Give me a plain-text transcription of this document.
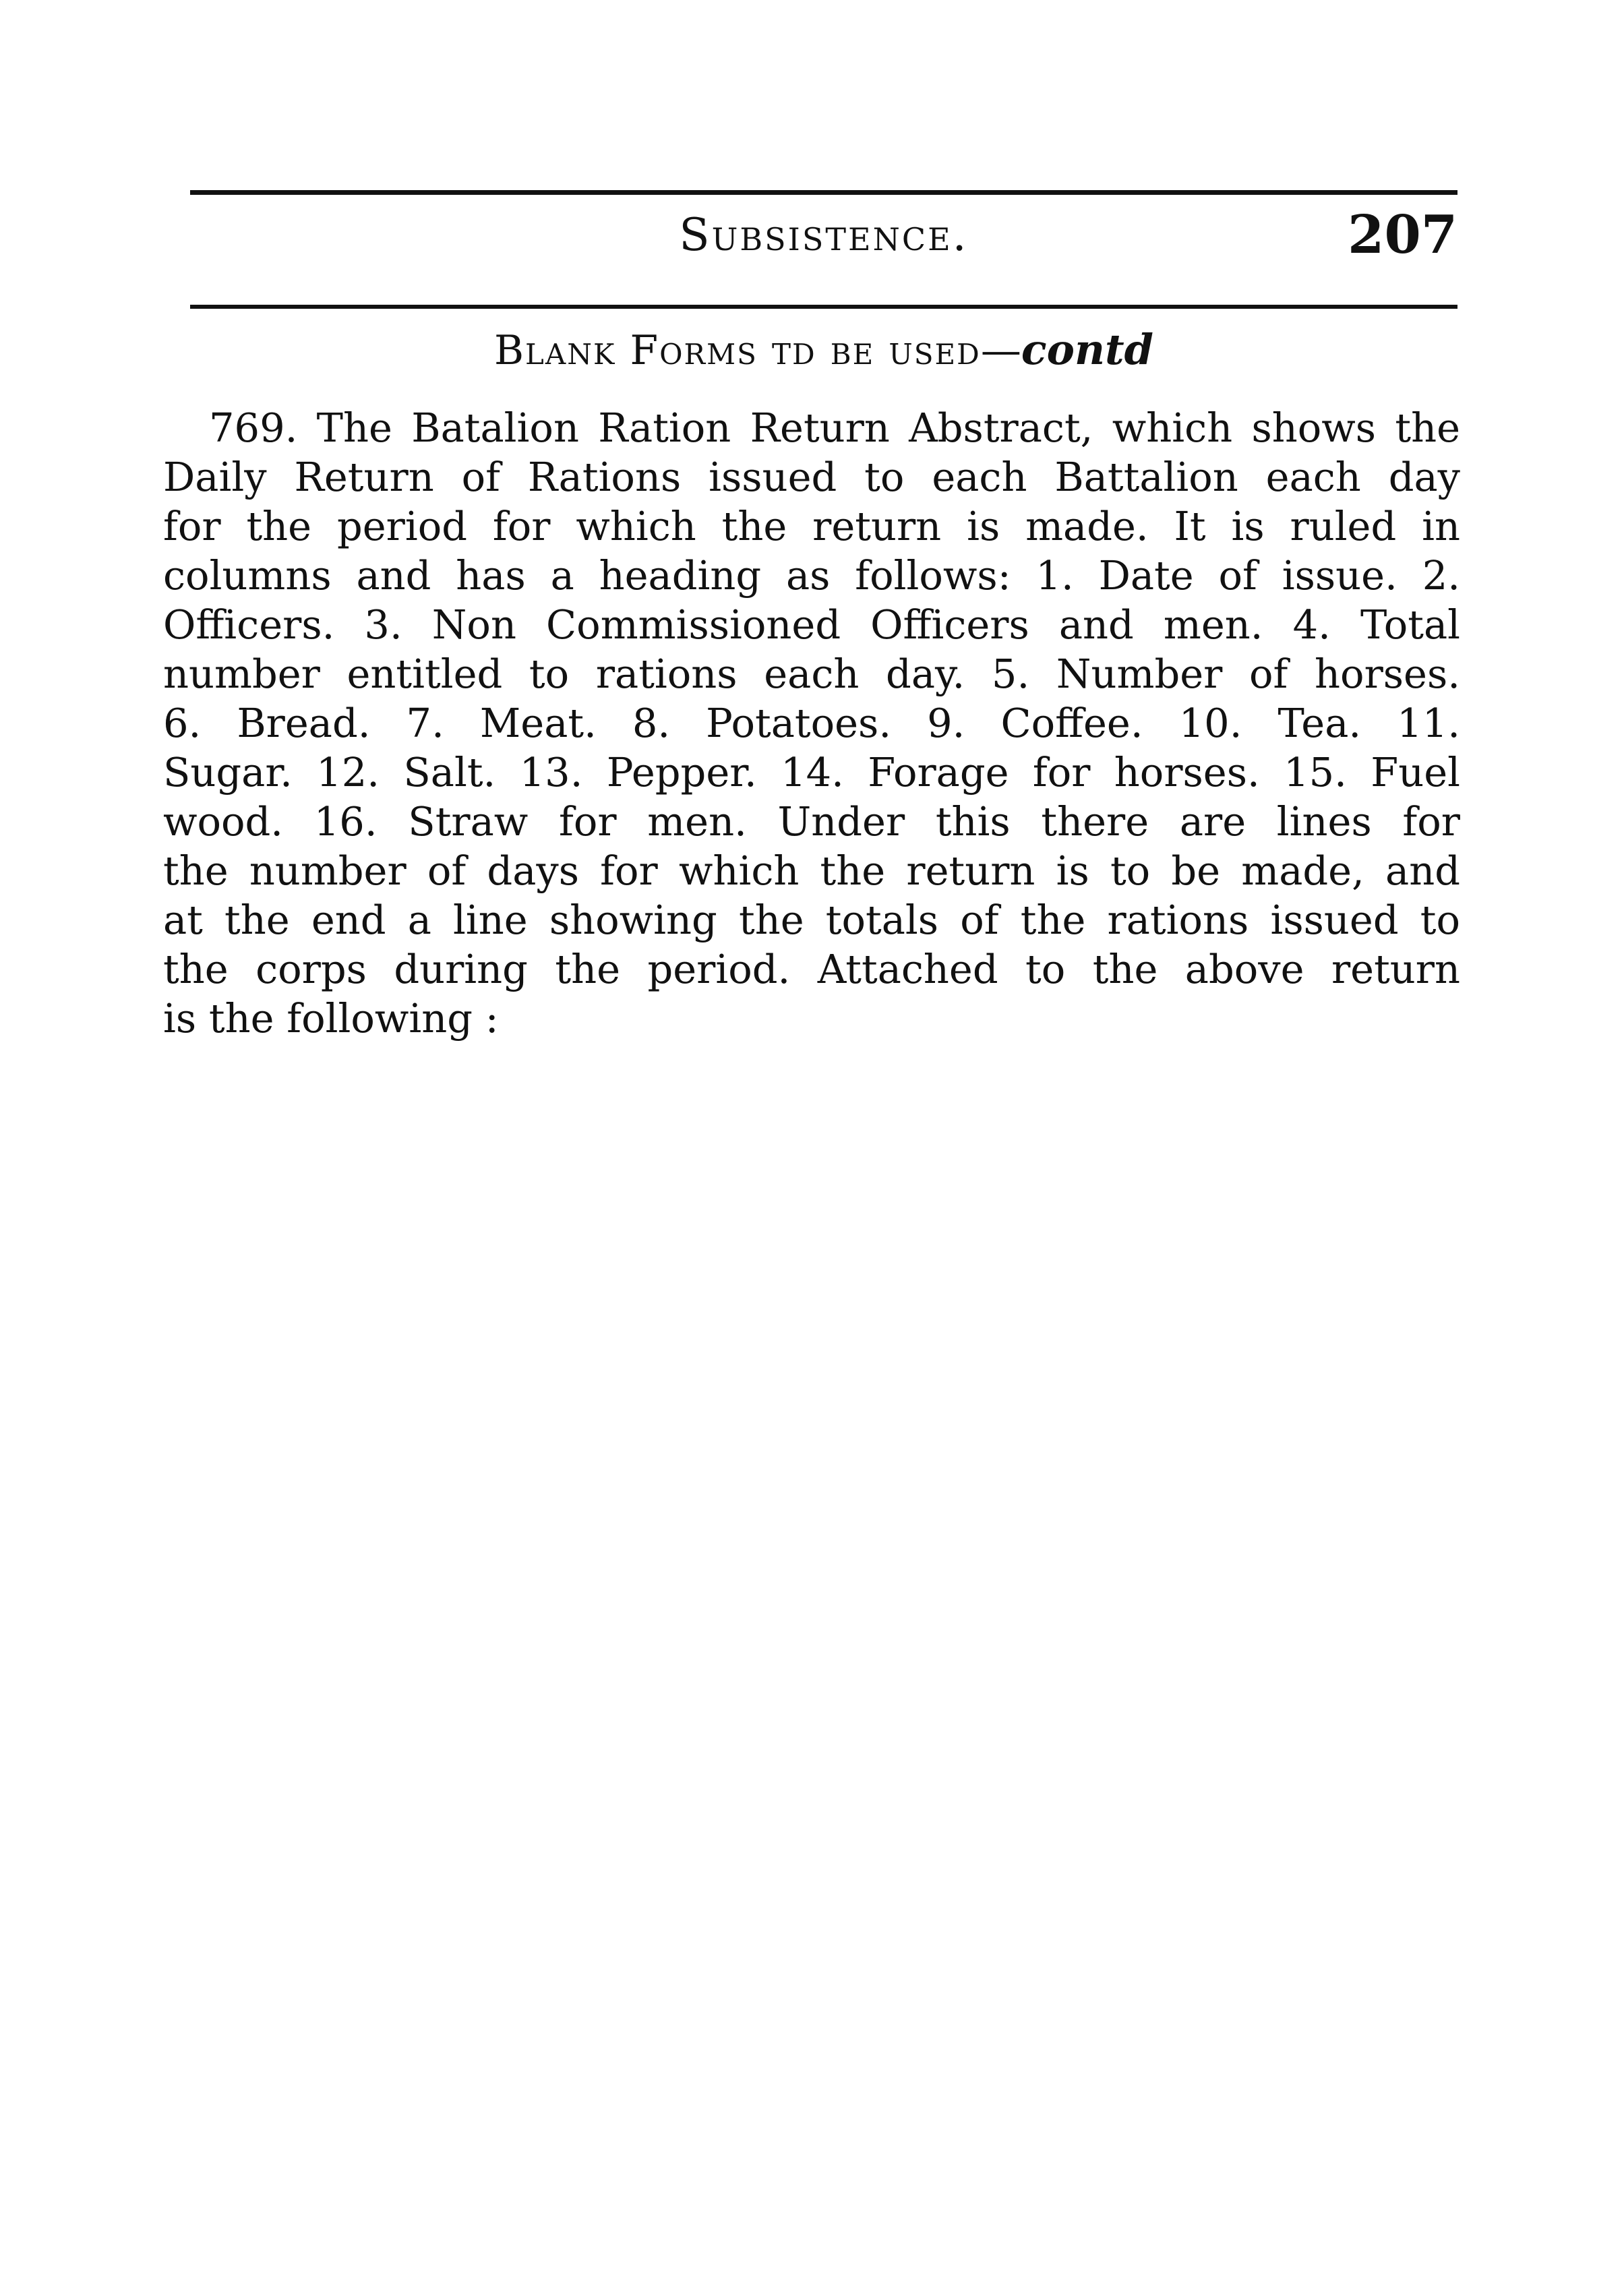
Subsistence.	207
Blank Forms td be used—contd
769. The Batalion Ration Return Abstract, which shows the
Daily Return of Rations issued to each Battalion each day
for the period for which the return is made. It is ruled in
columns and has a heading as follows: 1. Date of issue. 2.
Officers. 3. Non Commissioned Officers and men. 4. Total
number entitled to rations each day. 5. Number of horses.
6. Bread. 7. Meat. 8. Potatoes. 9. Coffee. 10. Tea. 11.
Sugar. 12. Salt. 13. Pepper. 14. Forage for horses. 15. Fuel
wood. 16. Straw for men. Under this there are lines for
the number of days for which the return is to be made, and
at the end a line showing the totals of the rations issued to
the corps during the period. Attached to the above return
is the following :
